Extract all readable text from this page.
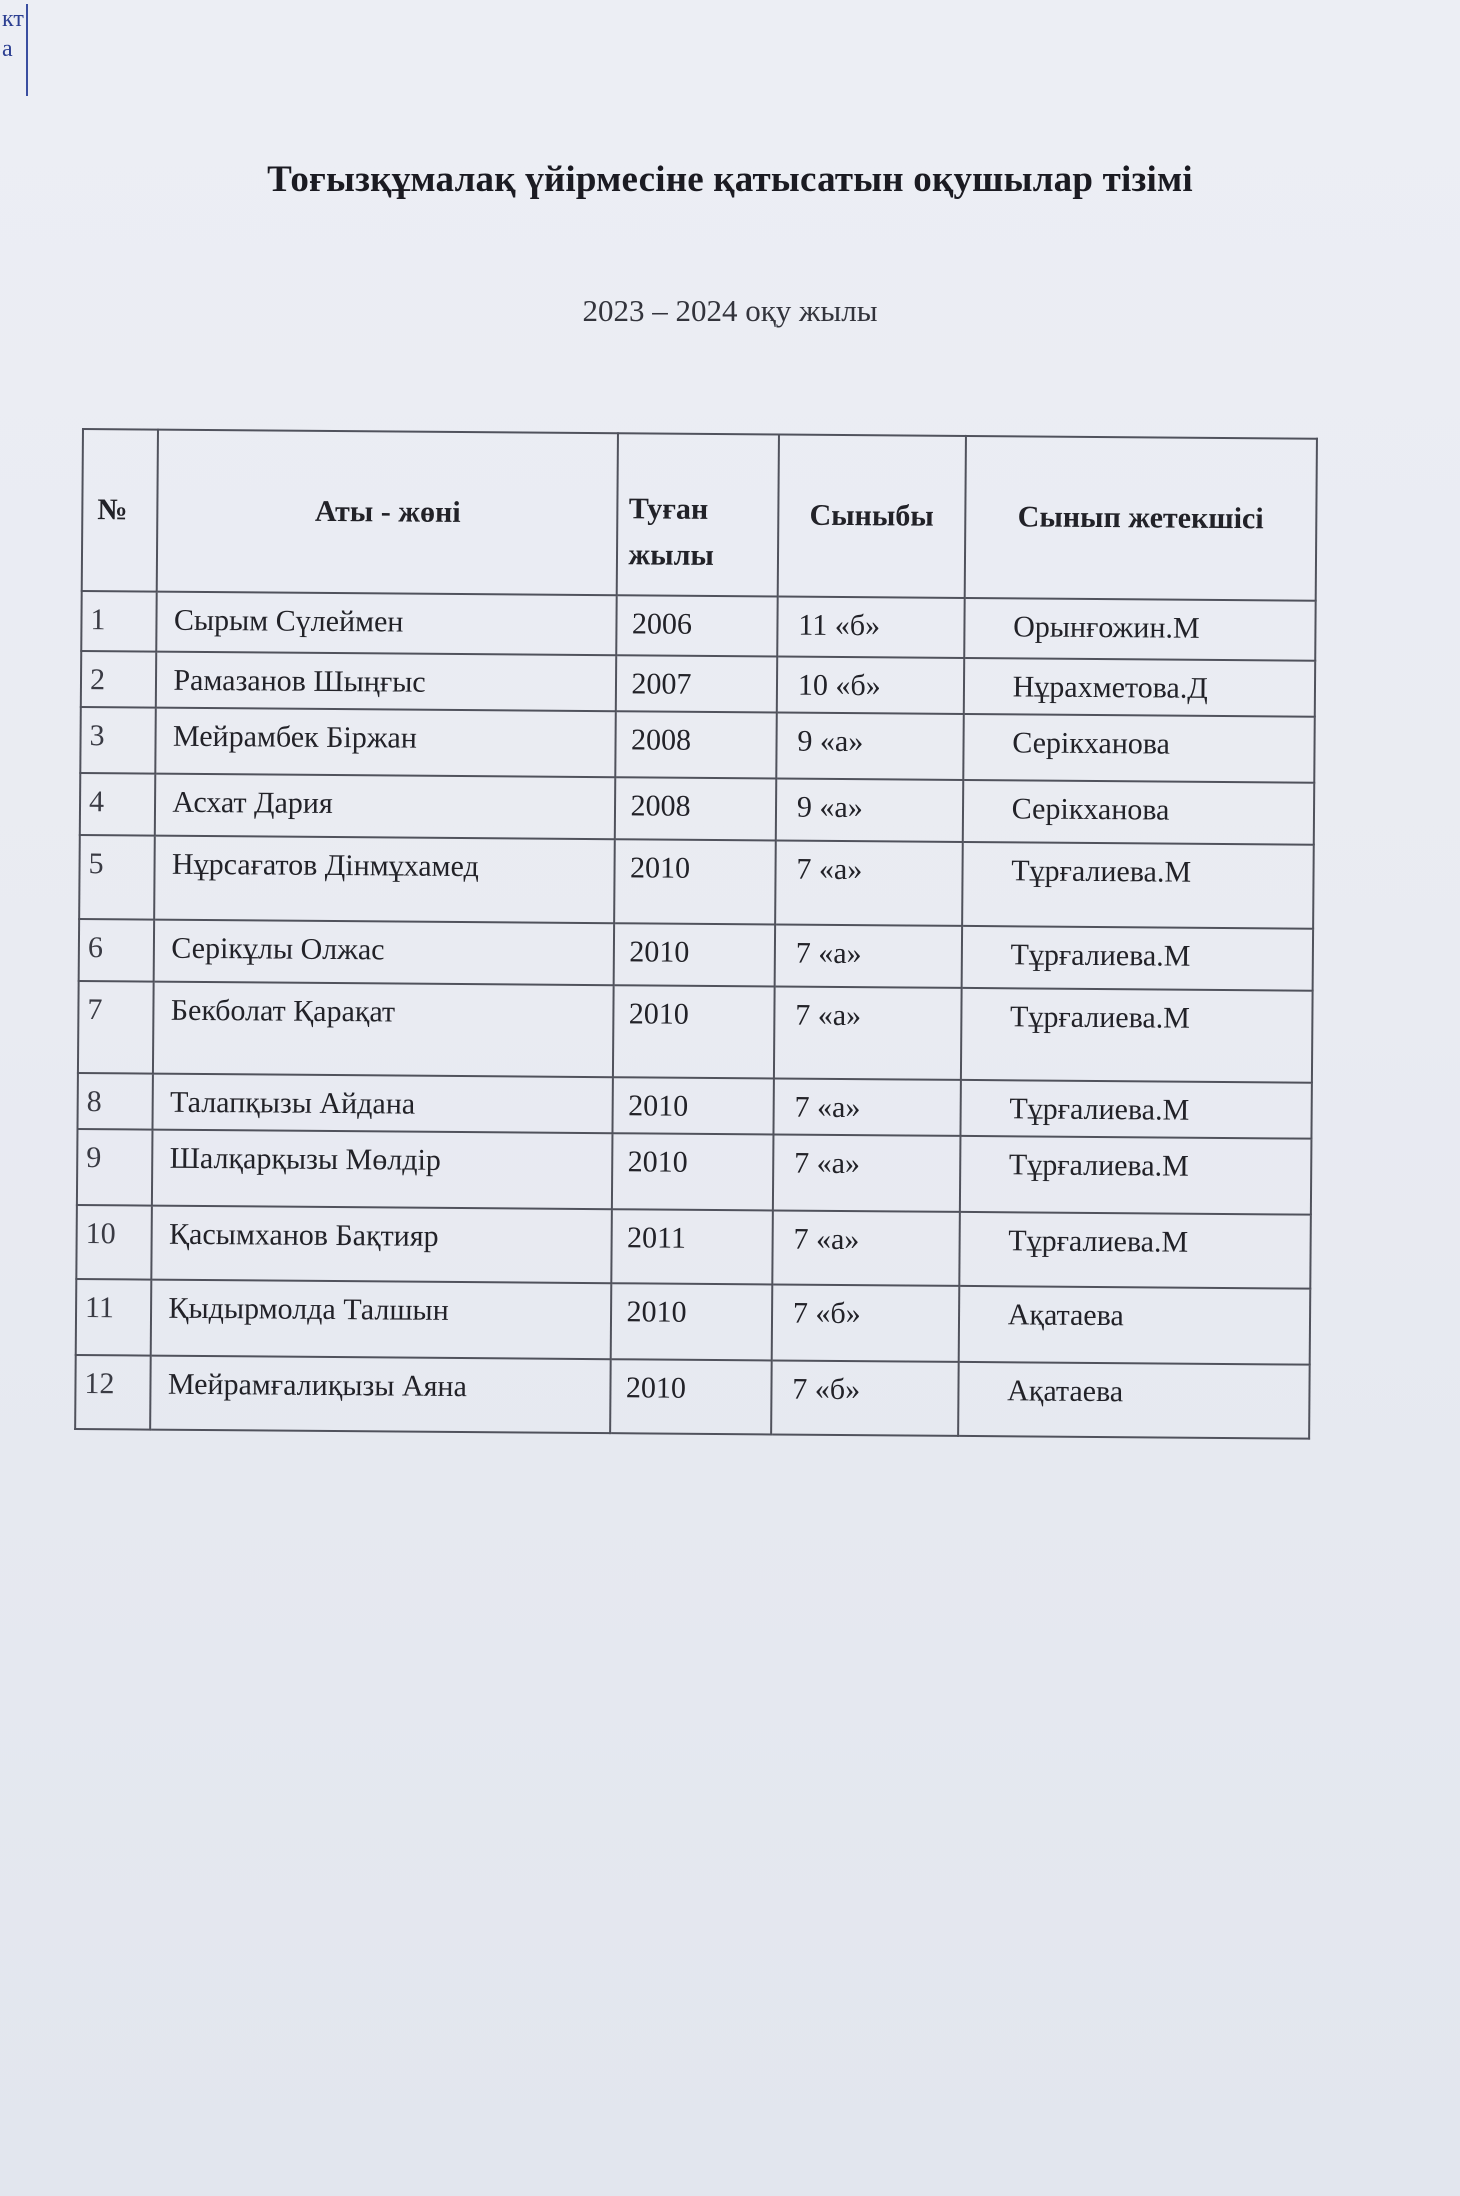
кт
а
Тоғызқұмалақ үйірмесіне қатысатын оқушылар тізімі
2023 – 2024 оқу жылы
№	Аты - жөні	Туған жылы	Сыныбы	Сынып жетекшісі

1	Сырым Сүлеймен	2006	11 «б»	Орынғожин.М

2	Рамазанов Шыңғыс	2007	10 «б»	Нұрахметова.Д

3	Мейрамбек Біржан	2008	9 «а»	Серікханова

4	Асхат Дария	2008	9 «а»	Серікханова

5	Нұрсағатов Дінмұхамед	2010	7 «а»	Тұрғалиева.М

6	Серікұлы Олжас	2010	7 «а»	Тұрғалиева.М

7	Бекболат Қарақат	2010	7 «а»	Тұрғалиева.М

8	Талапқызы Айдана	2010	7 «а»	Тұрғалиева.М

9	Шалқарқызы Мөлдір	2010	7 «а»	Тұрғалиева.М

10	Қасымханов Бақтияр	2011	7 «а»	Тұрғалиева.М

11	Қыдырмолда Талшын	2010	7 «б»	Ақатаева

12	Мейрамғалиқызы Аяна	2010	7 «б»	Ақатаева
